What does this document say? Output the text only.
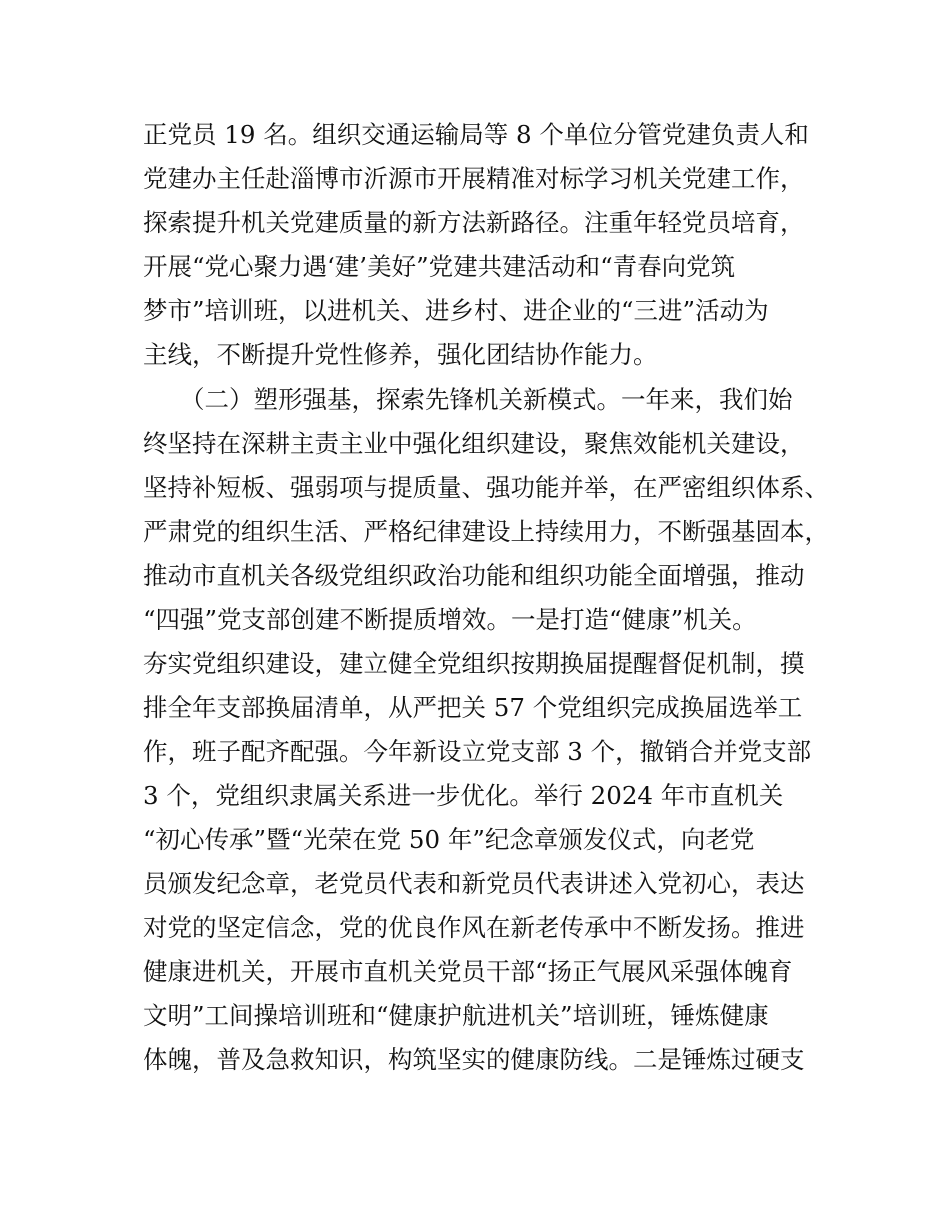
正党员 19 名。组织交通运输局等 8 个单位分管党建负责人和
党建办主任赴淄博市沂源市开展精准对标学习机关党建工作，
探索提升机关党建质量的新方法新路径。注重年轻党员培育，
开展“党心聚力遇‘建’美好”党建共建活动和“青春向党筑
梦市”培训班，以进机关、进乡村、进企业的“三进”活动为
主线，不断提升党性修养，强化团结协作能力。
（二）塑形强基，探索先锋机关新模式。一年来，我们始
终坚持在深耕主责主业中强化组织建设，聚焦效能机关建设，
坚持补短板、强弱项与提质量、强功能并举，在严密组织体系、
严肃党的组织生活、严格纪律建设上持续用力，不断强基固本，
推动市直机关各级党组织政治功能和组织功能全面增强，推动
“四强”党支部创建不断提质增效。一是打造“健康”机关。
夯实党组织建设，建立健全党组织按期换届提醒督促机制，摸
排全年支部换届清单，从严把关 57 个党组织完成换届选举工
作，班子配齐配强。今年新设立党支部 3 个，撤销合并党支部
3 个，党组织隶属关系进一步优化。举行 2024 年市直机关
“初心传承”暨“光荣在党 50 年”纪念章颁发仪式，向老党
员颁发纪念章，老党员代表和新党员代表讲述入党初心，表达
对党的坚定信念，党的优良作风在新老传承中不断发扬。推进
健康进机关，开展市直机关党员干部“扬正气展风采强体魄育
文明”工间操培训班和“健康护航进机关”培训班，锤炼健康
体魄，普及急救知识，构筑坚实的健康防线。二是锤炼过硬支
